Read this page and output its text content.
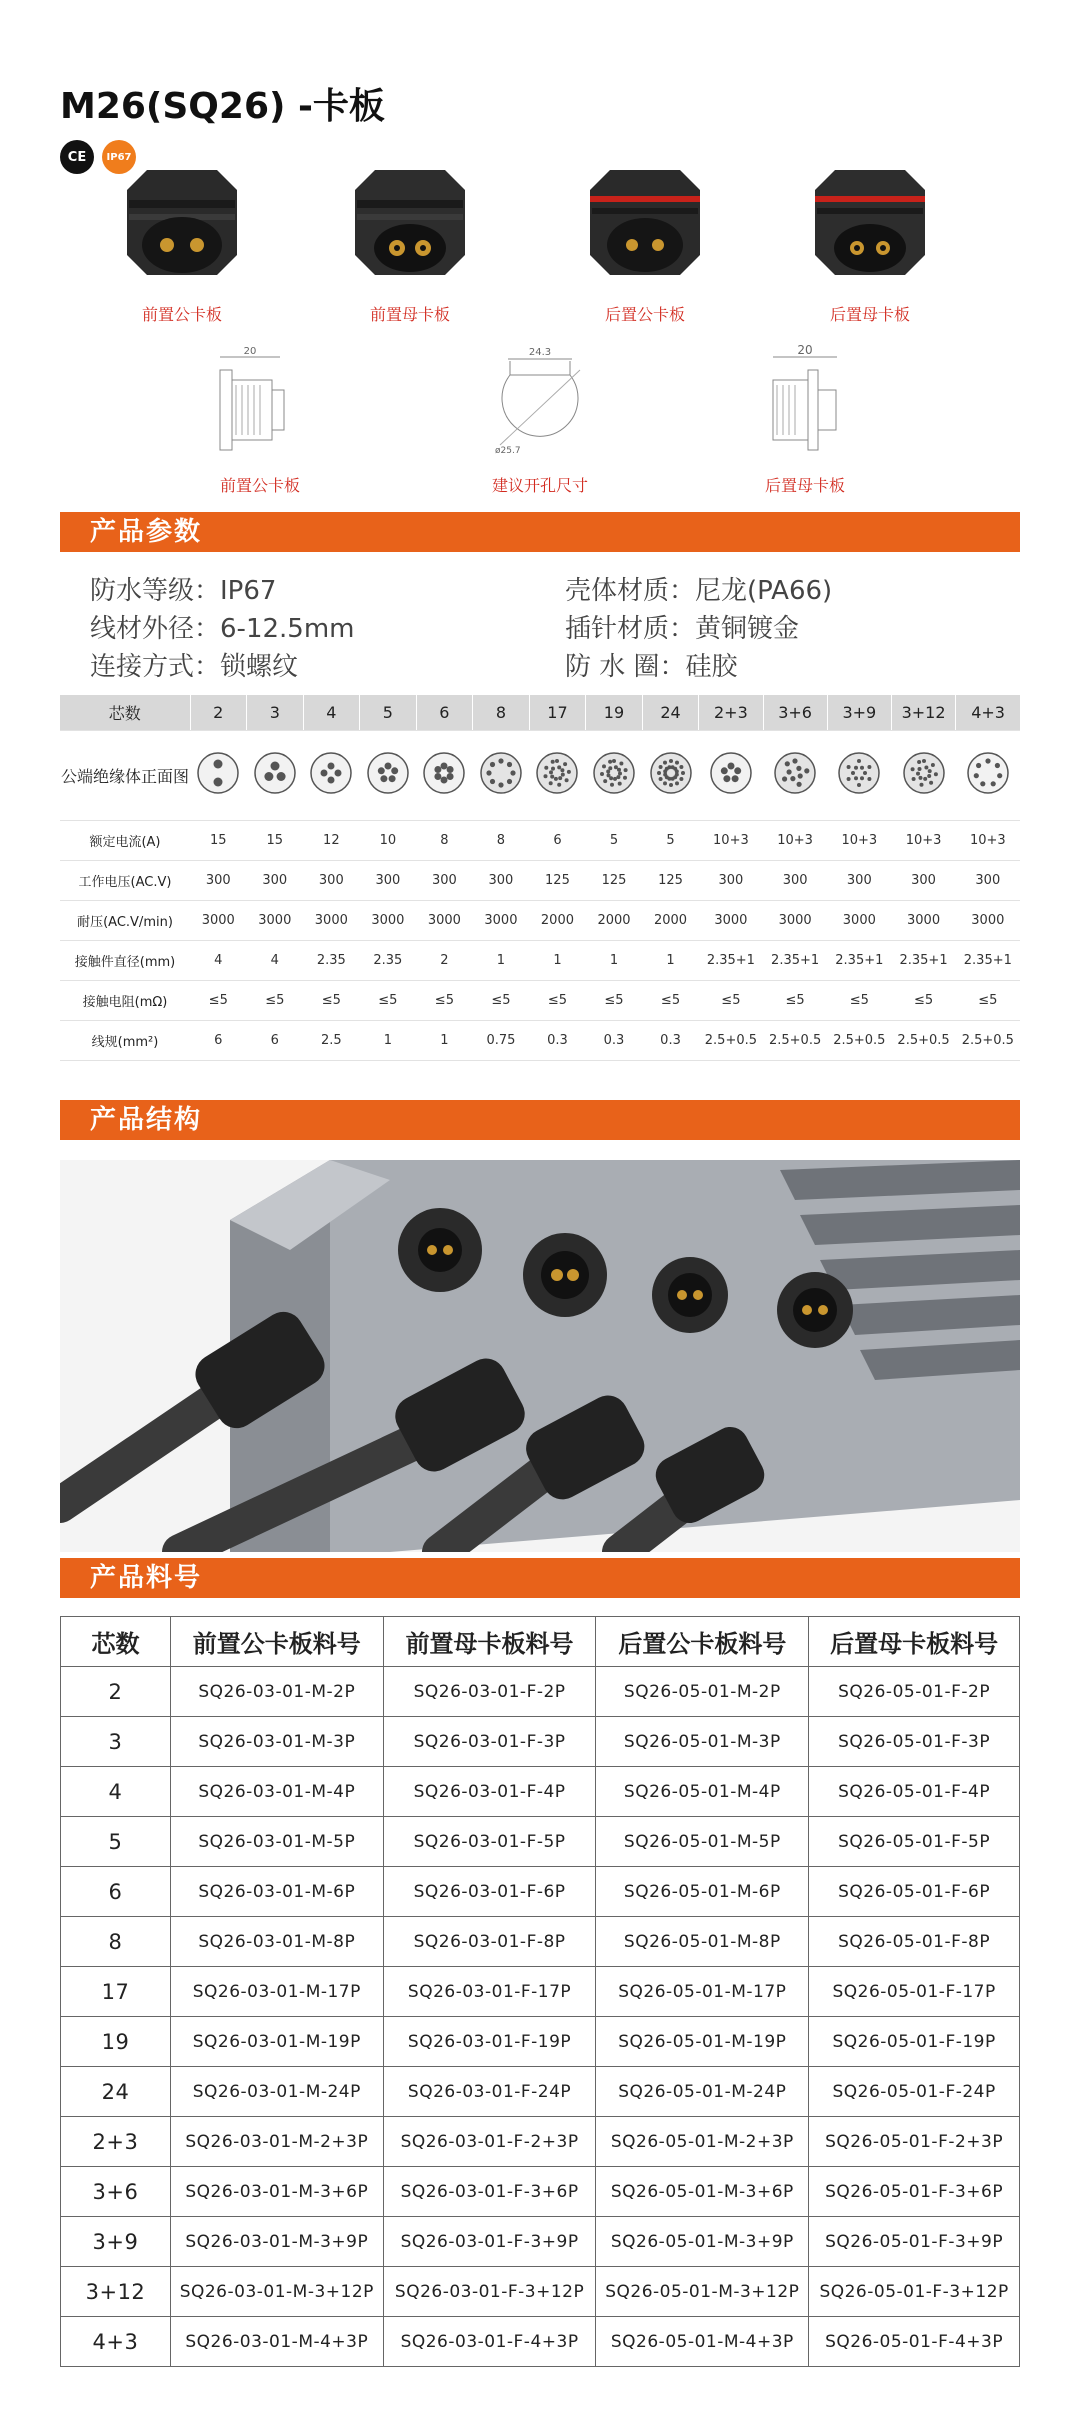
M26(SQ26) -卡板
CE	IP67
前置公卡板	前置母卡板	后置公卡板	后置母卡板
20
前置公卡板
24.3
ø25.7
建议开孔尺寸
20
后置母卡板
产品参数
防水等级：IP67
线材外径：6-12.5mm
连接方式：锁螺纹
壳体材质：尼龙(PA66)
插针材质：黄铜镀金
防 水 圈：硅胶
芯数	2	3	4	5	6	8	17	19	24	2+3	3+6	3+9	3+12	4+3
公端绝缘体正面图														
额定电流(A)	15	15	12	10	8	8	6	5	5	10+3	10+3	10+3	10+3	10+3
工作电压(AC.V)	300	300	300	300	300	300	125	125	125	300	300	300	300	300
耐压(AC.V/min)	3000	3000	3000	3000	3000	3000	2000	2000	2000	3000	3000	3000	3000	3000
接触件直径(mm)	4	4	2.35	2.35	2	1	1	1	1	2.35+1	2.35+1	2.35+1	2.35+1	2.35+1
接触电阻(mΩ)	≤5	≤5	≤5	≤5	≤5	≤5	≤5	≤5	≤5	≤5	≤5	≤5	≤5	≤5
线规(mm²)	6	6	2.5	1	1	0.75	0.3	0.3	0.3	2.5+0.5	2.5+0.5	2.5+0.5	2.5+0.5	2.5+0.5
产品结构
产品料号
芯数	前置公卡板料号	前置母卡板料号	后置公卡板料号	后置母卡板料号
2	SQ26-03-01-M-2P	SQ26-03-01-F-2P	SQ26-05-01-M-2P	SQ26-05-01-F-2P
3	SQ26-03-01-M-3P	SQ26-03-01-F-3P	SQ26-05-01-M-3P	SQ26-05-01-F-3P
4	SQ26-03-01-M-4P	SQ26-03-01-F-4P	SQ26-05-01-M-4P	SQ26-05-01-F-4P
5	SQ26-03-01-M-5P	SQ26-03-01-F-5P	SQ26-05-01-M-5P	SQ26-05-01-F-5P
6	SQ26-03-01-M-6P	SQ26-03-01-F-6P	SQ26-05-01-M-6P	SQ26-05-01-F-6P
8	SQ26-03-01-M-8P	SQ26-03-01-F-8P	SQ26-05-01-M-8P	SQ26-05-01-F-8P
17	SQ26-03-01-M-17P	SQ26-03-01-F-17P	SQ26-05-01-M-17P	SQ26-05-01-F-17P
19	SQ26-03-01-M-19P	SQ26-03-01-F-19P	SQ26-05-01-M-19P	SQ26-05-01-F-19P
24	SQ26-03-01-M-24P	SQ26-03-01-F-24P	SQ26-05-01-M-24P	SQ26-05-01-F-24P
2+3	SQ26-03-01-M-2+3P	SQ26-03-01-F-2+3P	SQ26-05-01-M-2+3P	SQ26-05-01-F-2+3P
3+6	SQ26-03-01-M-3+6P	SQ26-03-01-F-3+6P	SQ26-05-01-M-3+6P	SQ26-05-01-F-3+6P
3+9	SQ26-03-01-M-3+9P	SQ26-03-01-F-3+9P	SQ26-05-01-M-3+9P	SQ26-05-01-F-3+9P
3+12	SQ26-03-01-M-3+12P	SQ26-03-01-F-3+12P	SQ26-05-01-M-3+12P	SQ26-05-01-F-3+12P
4+3	SQ26-03-01-M-4+3P	SQ26-03-01-F-4+3P	SQ26-05-01-M-4+3P	SQ26-05-01-F-4+3P
